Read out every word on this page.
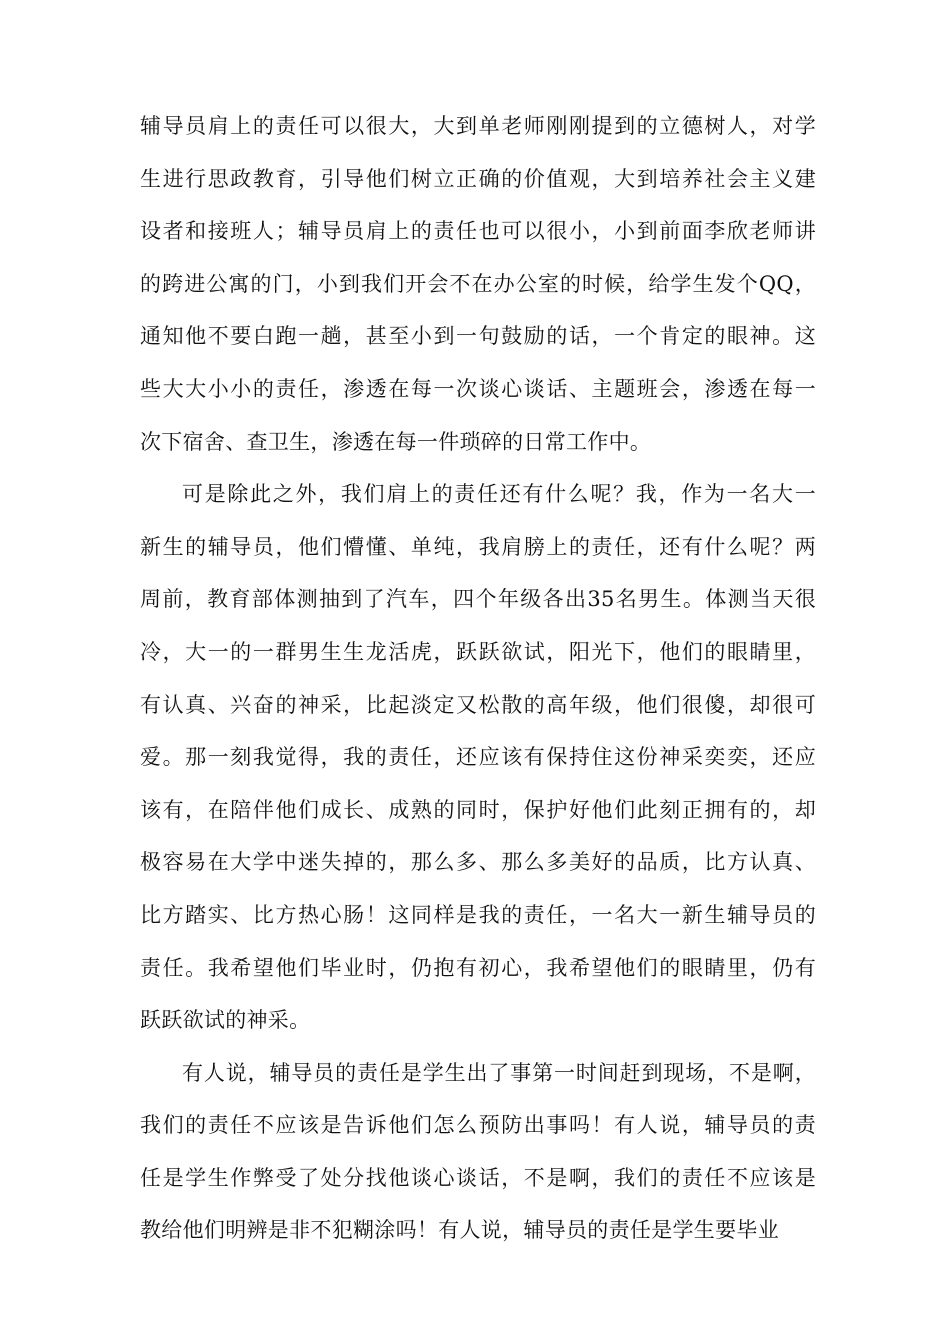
辅导员肩上的责任可以很大，大到单老师刚刚提到的立德树人，对学
生进行思政教育，引导他们树立正确的价值观，大到培养社会主义建
设者和接班人；辅导员肩上的责任也可以很小，小到前面李欣老师讲
的跨进公寓的门，小到我们开会不在办公室的时候，给学生发个QQ，
通知他不要白跑一趟，甚至小到一句鼓励的话，一个肯定的眼神。这
些大大小小的责任，渗透在每一次谈心谈话、主题班会，渗透在每一
次下宿舍、查卫生，渗透在每一件琐碎的日常工作中。
可是除此之外，我们肩上的责任还有什么呢？我，作为一名大一
新生的辅导员，他们懵懂、单纯，我肩膀上的责任，还有什么呢？两
周前，教育部体测抽到了汽车，四个年级各出35名男生。体测当天很
冷，大一的一群男生生龙活虎，跃跃欲试，阳光下，他们的眼睛里，
有认真、兴奋的神采，比起淡定又松散的高年级，他们很傻，却很可
爱。那一刻我觉得，我的责任，还应该有保持住这份神采奕奕，还应
该有，在陪伴他们成长、成熟的同时，保护好他们此刻正拥有的，却
极容易在大学中迷失掉的，那么多、那么多美好的品质，比方认真、
比方踏实、比方热心肠！这同样是我的责任，一名大一新生辅导员的
责任。我希望他们毕业时，仍抱有初心，我希望他们的眼睛里，仍有
跃跃欲试的神采。
有人说，辅导员的责任是学生出了事第一时间赶到现场，不是啊，
我们的责任不应该是告诉他们怎么预防出事吗！有人说，辅导员的责
任是学生作弊受了处分找他谈心谈话，不是啊，我们的责任不应该是
教给他们明辨是非不犯糊涂吗！有人说，辅导员的责任是学生要毕业
